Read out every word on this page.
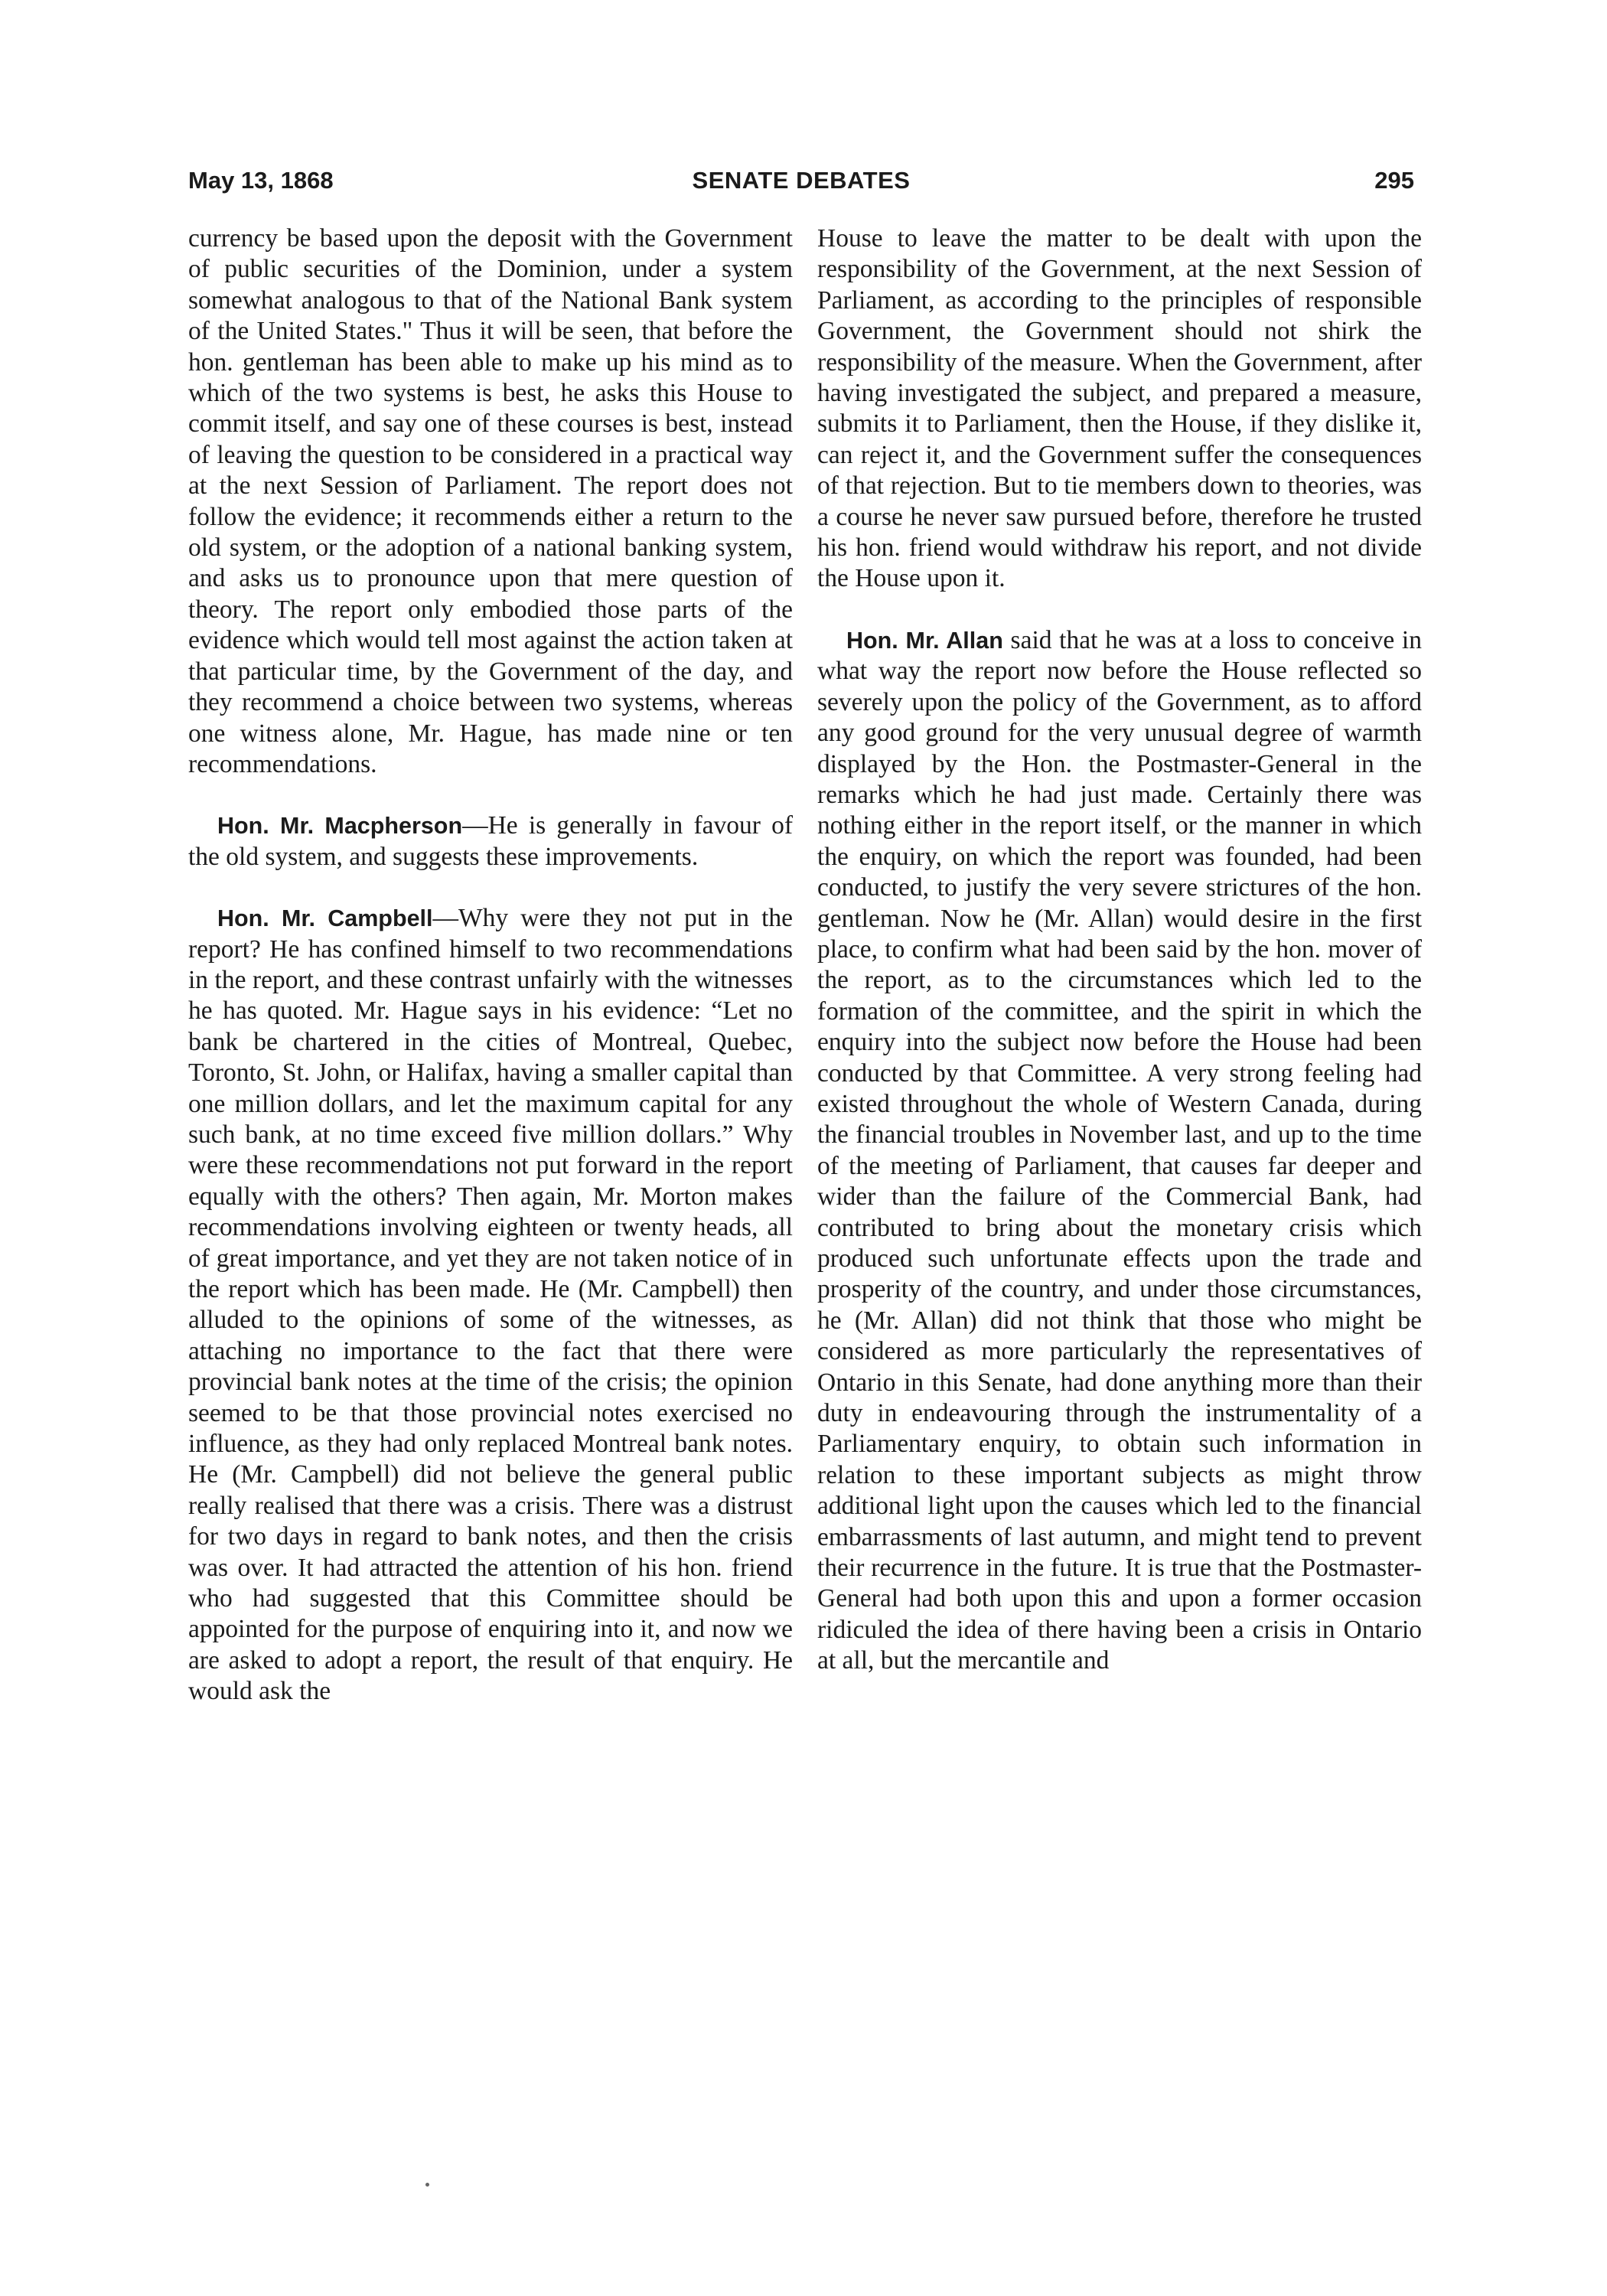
May 13, 1868	SENATE DEBATES	295

currency be based upon the deposit with the Government of public securities of the Dominion, under a system somewhat analogous to that of the National Bank system of the United States." Thus it will be seen, that before the hon. gentleman has been able to make up his mind as to which of the two systems is best, he asks this House to commit itself, and say one of these courses is best, instead of leaving the question to be considered in a practical way at the next Session of Parliament. The report does not follow the evidence; it recommends either a return to the old system, or the adoption of a national banking system, and asks us to pronounce upon that mere question of theory. The report only embodied those parts of the evidence which would tell most against the action taken at that particular time, by the Government of the day, and they recommend a choice between two systems, whereas one witness alone, Mr. Hague, has made nine or ten recommendations.

Hon. Mr. Macpherson—He is generally in favour of the old system, and suggests these improvements.

Hon. Mr. Campbell—Why were they not put in the report? He has confined himself to two recommendations in the report, and these contrast unfairly with the witnesses he has quoted. Mr. Hague says in his evidence: “Let no bank be chartered in the cities of Montreal, Quebec, Toronto, St. John, or Halifax, having a smaller capital than one million dollars, and let the maximum capital for any such bank, at no time exceed five million dollars.” Why were these recommendations not put forward in the report equally with the others? Then again, Mr. Morton makes recommendations involving eighteen or twenty heads, all of great importance, and yet they are not taken notice of in the report which has been made. He (Mr. Campbell) then alluded to the opinions of some of the witnesses, as attaching no importance to the fact that there were provincial bank notes at the time of the crisis; the opinion seemed to be that those provincial notes exercised no influence, as they had only replaced Montreal bank notes. He (Mr. Campbell) did not believe the general public really realised that there was a crisis. There was a distrust for two days in regard to bank notes, and then the crisis was over. It had attracted the attention of his hon. friend who had suggested that this Committee should be appointed for the purpose of enquiring into it, and now we are asked to adopt a report, the result of that enquiry. He would ask the

House to leave the matter to be dealt with upon the responsibility of the Government, at the next Session of Parliament, as according to the principles of responsible Government, the Government should not shirk the responsibility of the measure. When the Government, after having investigated the subject, and prepared a measure, submits it to Parliament, then the House, if they dislike it, can reject it, and the Government suffer the consequences of that rejection. But to tie members down to theories, was a course he never saw pursued before, therefore he trusted his hon. friend would withdraw his report, and not divide the House upon it.

Hon. Mr. Allan said that he was at a loss to conceive in what way the report now before the House reflected so severely upon the policy of the Government, as to afford any good ground for the very unusual degree of warmth displayed by the Hon. the Postmaster-General in the remarks which he had just made. Certainly there was nothing either in the report itself, or the manner in which the enquiry, on which the report was founded, had been conducted, to justify the very severe strictures of the hon. gentleman. Now he (Mr. Allan) would desire in the first place, to confirm what had been said by the hon. mover of the report, as to the circumstances which led to the formation of the committee, and the spirit in which the enquiry into the subject now before the House had been conducted by that Committee. A very strong feeling had existed throughout the whole of Western Canada, during the financial troubles in November last, and up to the time of the meeting of Parliament, that causes far deeper and wider than the failure of the Commercial Bank, had contributed to bring about the monetary crisis which produced such unfortunate effects upon the trade and prosperity of the country, and under those circumstances, he (Mr. Allan) did not think that those who might be considered as more particularly the representatives of Ontario in this Senate, had done anything more than their duty in endeavouring through the instrumentality of a Parliamentary enquiry, to obtain such information in relation to these important subjects as might throw additional light upon the causes which led to the financial embarrassments of last autumn, and might tend to prevent their recurrence in the future. It is true that the Postmaster-General had both upon this and upon a former occasion ridiculed the idea of there having been a crisis in Ontario at all, but the mercantile and
